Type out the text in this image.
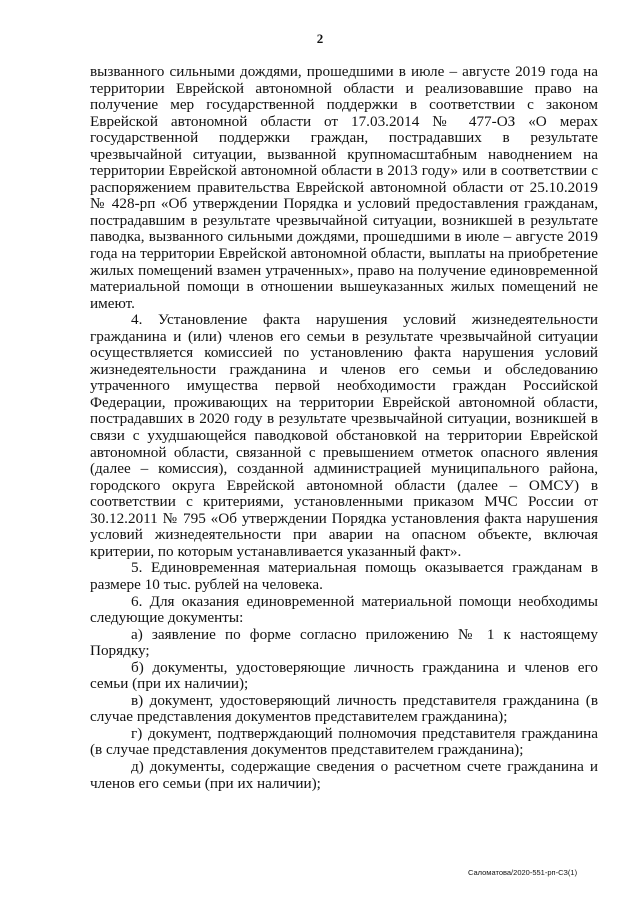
2

вызванного сильными дождями, прошедшими в июле – августе 2019 года на территории Еврейской автономной области и реализовавшие право на получение мер государственной поддержки в соответствии с законом Еврейской автономной области от 17.03.2014 № 477-ОЗ «О мерах государственной поддержки граждан, пострадавших в результате чрезвычайной ситуации, вызванной крупномасштабным наводнением на территории Еврейской автономной области в 2013 году» или в соответствии с распоряжением правительства Еврейской автономной области от 25.10.2019 № 428-рп «Об утверждении Порядка и условий предоставления гражданам, пострадавшим в результате чрезвычайной ситуации, возникшей в результате паводка, вызванного сильными дождями, прошедшими в июле – августе 2019 года на территории Еврейской автономной области, выплаты на приобретение жилых помещений взамен утраченных», право на получение единовременной материальной помощи в отношении вышеуказанных жилых помещений не имеют.

4. Установление факта нарушения условий жизнедеятельности гражданина и (или) членов его семьи в результате чрезвычайной ситуации осуществляется комиссией по установлению факта нарушения условий жизнедеятельности гражданина и членов его семьи и обследованию утраченного имущества первой необходимости граждан Российской Федерации, проживающих на территории Еврейской автономной области, пострадавших в 2020 году в результате чрезвычайной ситуации, возникшей в связи с ухудшающейся паводковой обстановкой на территории Еврейской автономной области, связанной с превышением отметок опасного явления (далее – комиссия), созданной администрацией муниципального района, городского округа Еврейской автономной области (далее – ОМСУ) в соответствии с критериями, установленными приказом МЧС России от 30.12.2011 № 795 «Об утверждении Порядка установления факта нарушения условий жизнедеятельности при аварии на опасном объекте, включая критерии, по которым устанавливается указанный факт».

5. Единовременная материальная помощь оказывается гражданам в размере 10 тыс. рублей на человека.

6. Для оказания единовременной материальной помощи необходимы следующие документы:

а) заявление по форме согласно приложению № 1 к настоящему Порядку;

б) документы, удостоверяющие личность гражданина и членов его семьи (при их наличии);

в) документ, удостоверяющий личность представителя гражданина (в случае представления документов представителем гражданина);

г) документ, подтверждающий полномочия представителя гражданина (в случае представления документов представителем гражданина);

д) документы, содержащие сведения о расчетном счете гражданина и членов его семьи (при их наличии);

Саломатова/2020-551-рп-СЗ(1)
